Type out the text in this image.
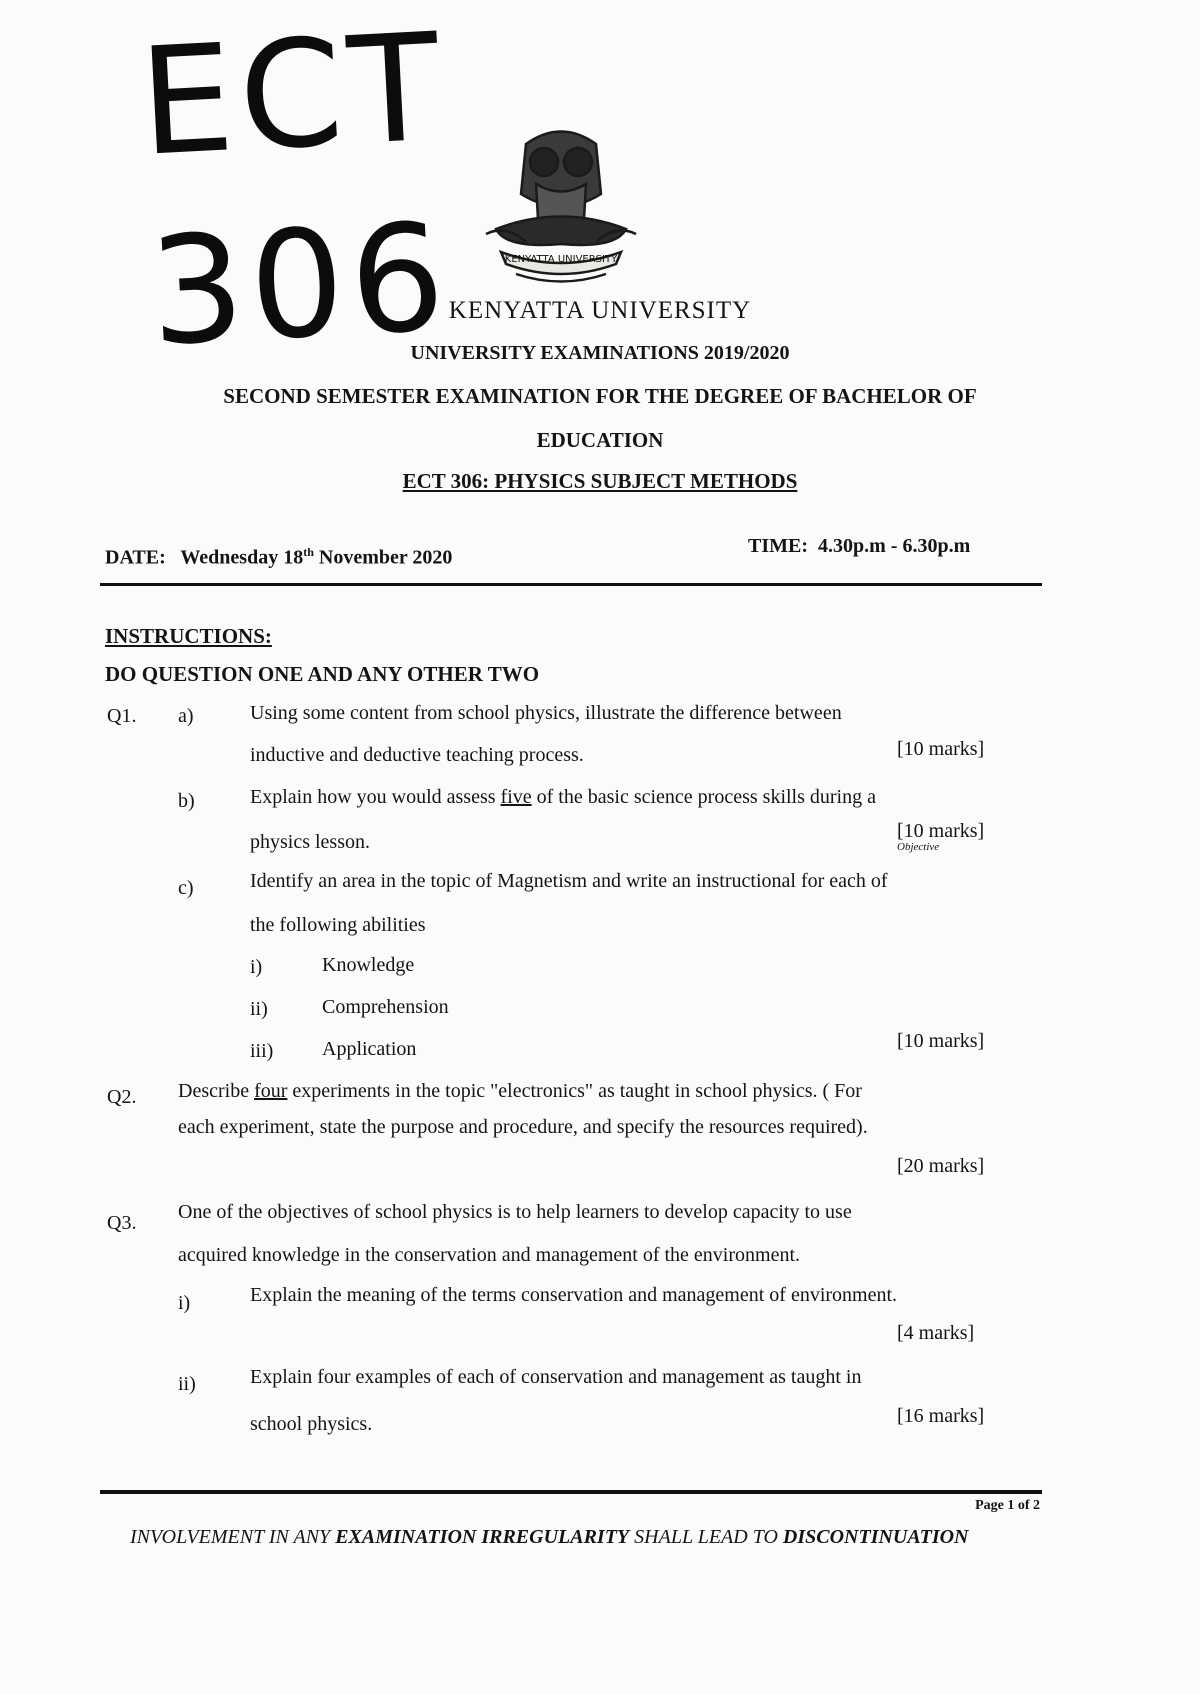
ECT 306	KENYATTA UNIVERSITY
KENYATTA UNIVERSITY
UNIVERSITY EXAMINATIONS 2019/2020
SECOND SEMESTER EXAMINATION FOR THE DEGREE OF BACHELOR OF
EDUCATION
ECT 306: PHYSICS SUBJECT METHODS
DATE: Wednesday 18th November 2020
TIME: 4.30p.m - 6.30p.m
INSTRUCTIONS:
DO QUESTION ONE AND ANY OTHER TWO
Q1. a)	Using some content from school physics, illustrate the difference between
inductive and deductive teaching process.	[10 marks]
b)	Explain how you would assess five of the basic science process skills during a
physics lesson.	[10 marks]
Objective
c)	Identify an area in the topic of Magnetism and write an instructional for each of
the following abilities
i)	Knowledge
ii)	Comprehension
iii) Application	[10 marks]
Q2. Describe four experiments in the topic "electronics" as taught in school physics. ( For
each experiment, state the purpose and procedure, and specify the resources required).
[20 marks]
Q3. One of the objectives of school physics is to help learners to develop capacity to use
acquired knowledge in the conservation and management of the environment.
i)	Explain the meaning of the terms conservation and management of environment.
[4 marks]
ii)	Explain four examples of each of conservation and management as taught in
school physics.	[16 marks]
Page 1 of 2
INVOLVEMENT IN ANY EXAMINATION IRREGULARITY SHALL LEAD TO DISCONTINUATION
